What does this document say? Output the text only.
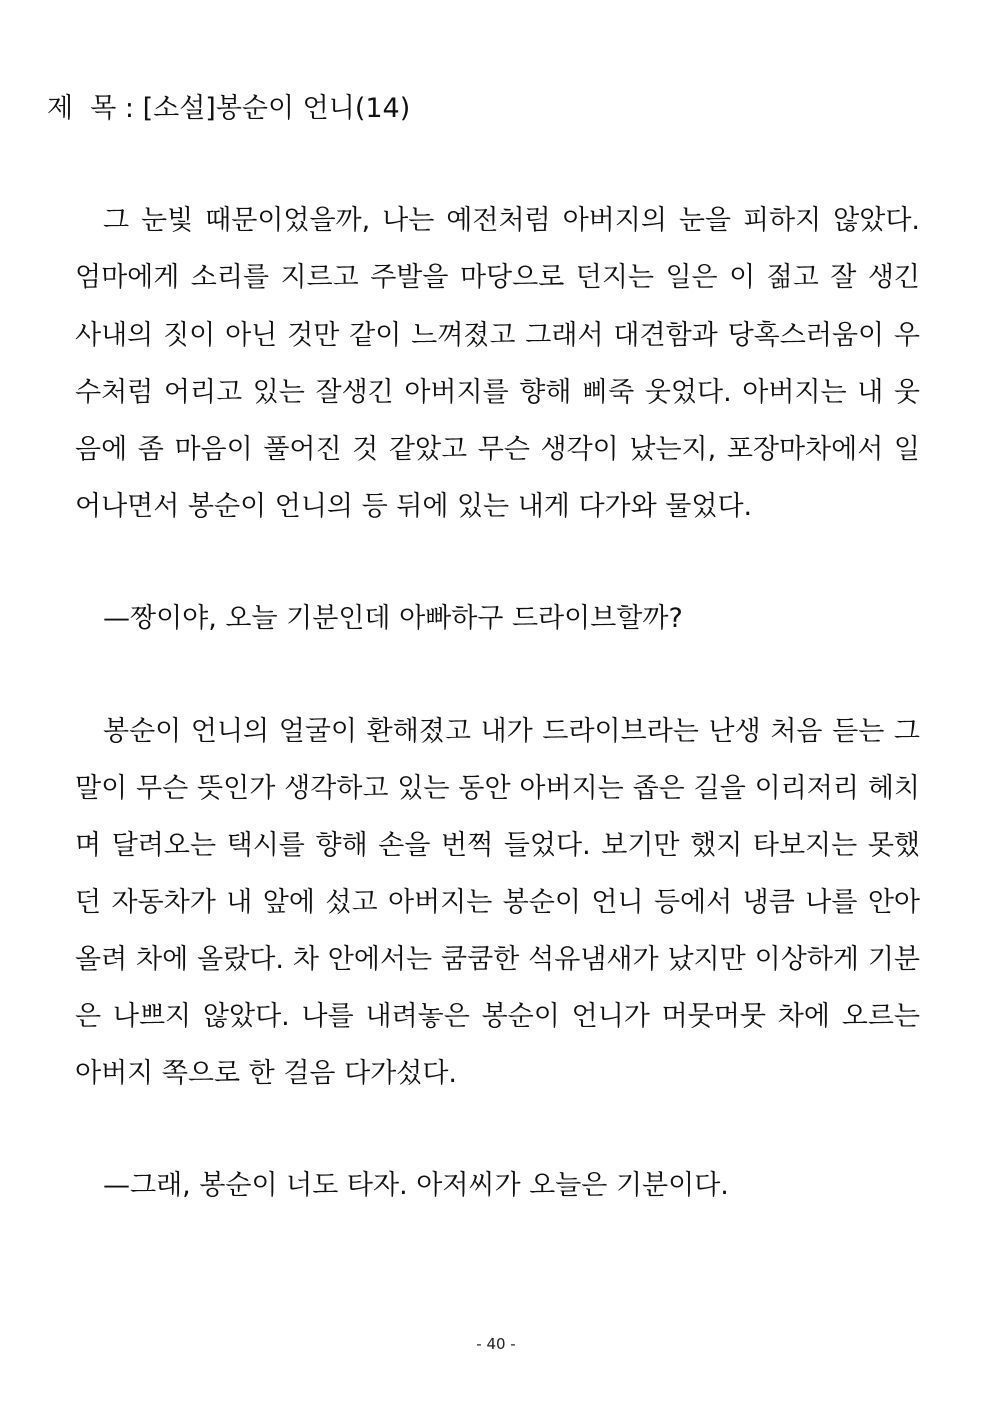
제  목 : [소설]봉순이 언니(14)
그 눈빛 때문이었을까, 나는 예전처럼 아버지의 눈을 피하지 않았다.
엄마에게 소리를 지르고 주발을 마당으로 던지는 일은 이 젊고 잘 생긴
사내의 짓이 아닌 것만 같이 느껴졌고 그래서 대견함과 당혹스러움이 우
수처럼 어리고 있는 잘생긴 아버지를 향해 삐죽 웃었다. 아버지는 내 웃
음에 좀 마음이 풀어진 것 같았고 무슨 생각이 났는지, 포장마차에서 일
어나면서 봉순이 언니의 등 뒤에 있는 내게 다가와 물었다.
—짱이야, 오늘 기분인데 아빠하구 드라이브할까?
봉순이 언니의 얼굴이 환해졌고 내가 드라이브라는 난생 처음 듣는 그
말이 무슨 뜻인가 생각하고 있는 동안 아버지는 좁은 길을 이리저리 헤치
며 달려오는 택시를 향해 손을 번쩍 들었다. 보기만 했지 타보지는 못했
던 자동차가 내 앞에 섰고 아버지는 봉순이 언니 등에서 냉큼 나를 안아
올려 차에 올랐다. 차 안에서는 쿰쿰한 석유냄새가 났지만 이상하게 기분
은 나쁘지 않았다. 나를 내려놓은 봉순이 언니가 머뭇머뭇 차에 오르는
아버지 쪽으로 한 걸음 다가섰다.
—그래, 봉순이 너도 타자. 아저씨가 오늘은 기분이다.
- 40 -
